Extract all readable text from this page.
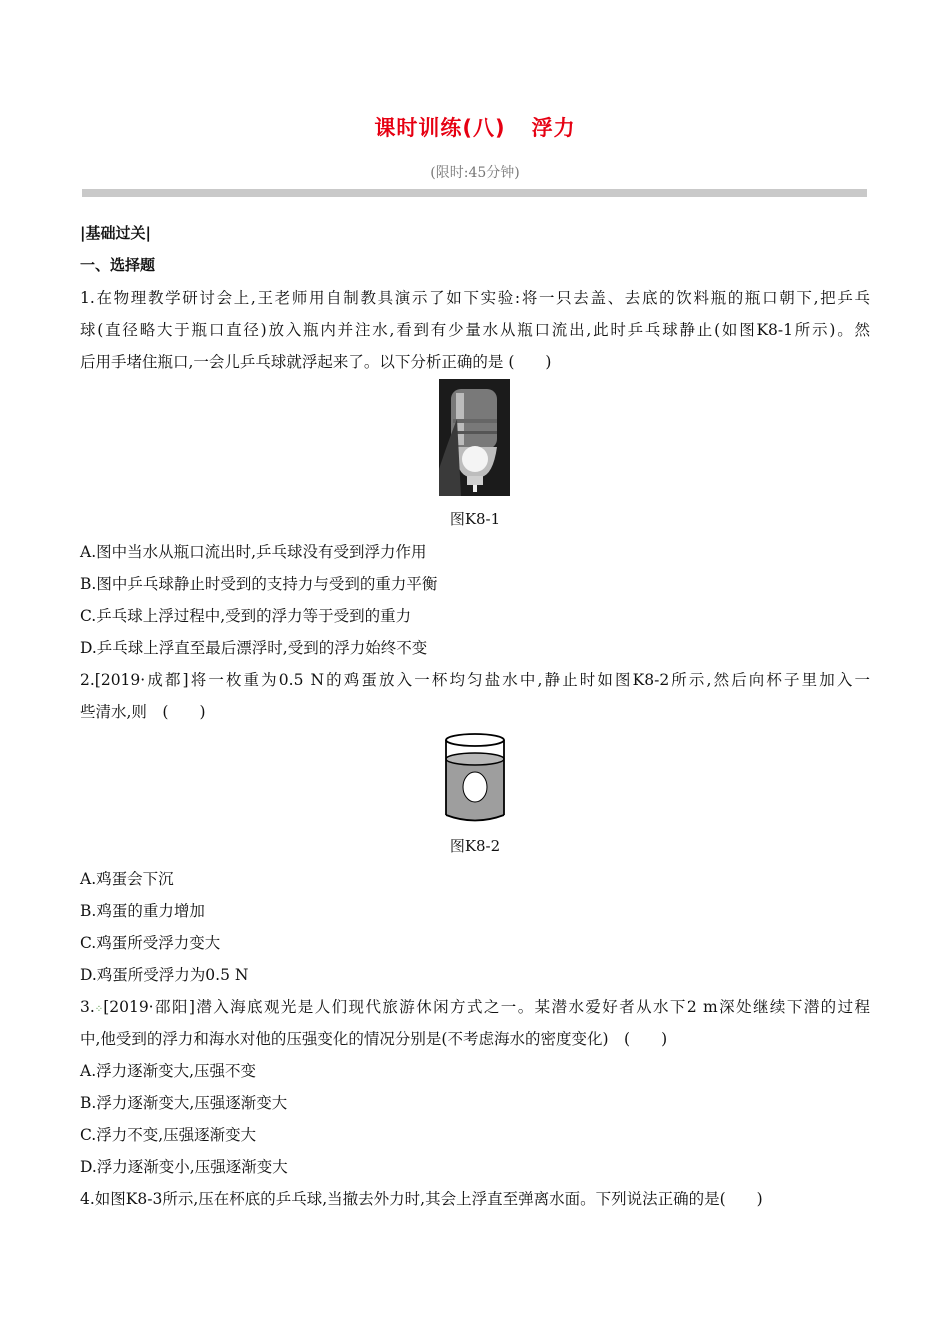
课时训练(八) 浮力
(限时:45分钟)
|基础过关|
一、选择题
1.在物理教学研讨会上,王老师用自制教具演示了如下实验:将一只去盖、去底的饮料瓶的瓶口朝下,把乒乓
球(直径略大于瓶口直径)放入瓶内并注水,看到有少量水从瓶口流出,此时乒乓球静止(如图K8-1所示)。然
后用手堵住瓶口,一会儿乒乓球就浮起来了。以下分析正确的是 (　　)
图K8-1
A.图中当水从瓶口流出时,乒乓球没有受到浮力作用
B.图中乒乓球静止时受到的支持力与受到的重力平衡
C.乒乓球上浮过程中,受到的浮力等于受到的重力
D.乒乓球上浮直至最后漂浮时,受到的浮力始终不变
2.[2019·成都]将一枚重为0.5 N的鸡蛋放入一杯均匀盐水中,静止时如图K8-2所示,然后向杯子里加入一
些清水,则　(　　)
图K8-2
A.鸡蛋会下沉
B.鸡蛋的重力增加
C.鸡蛋所受浮力变大
D.鸡蛋所受浮力为0.5 N
3.⁘[2019·邵阳]潜入海底观光是人们现代旅游休闲方式之一。某潜水爱好者从水下2 m深处继续下潜的过程
中,他受到的浮力和海水对他的压强变化的情况分别是(不考虑海水的密度变化)　(　　)
A.浮力逐渐变大,压强不变
B.浮力逐渐变大,压强逐渐变大
C.浮力不变,压强逐渐变大
D.浮力逐渐变小,压强逐渐变大
4.如图K8-3所示,压在杯底的乒乓球,当撤去外力时,其会上浮直至弹离水面。下列说法正确的是(　　)
